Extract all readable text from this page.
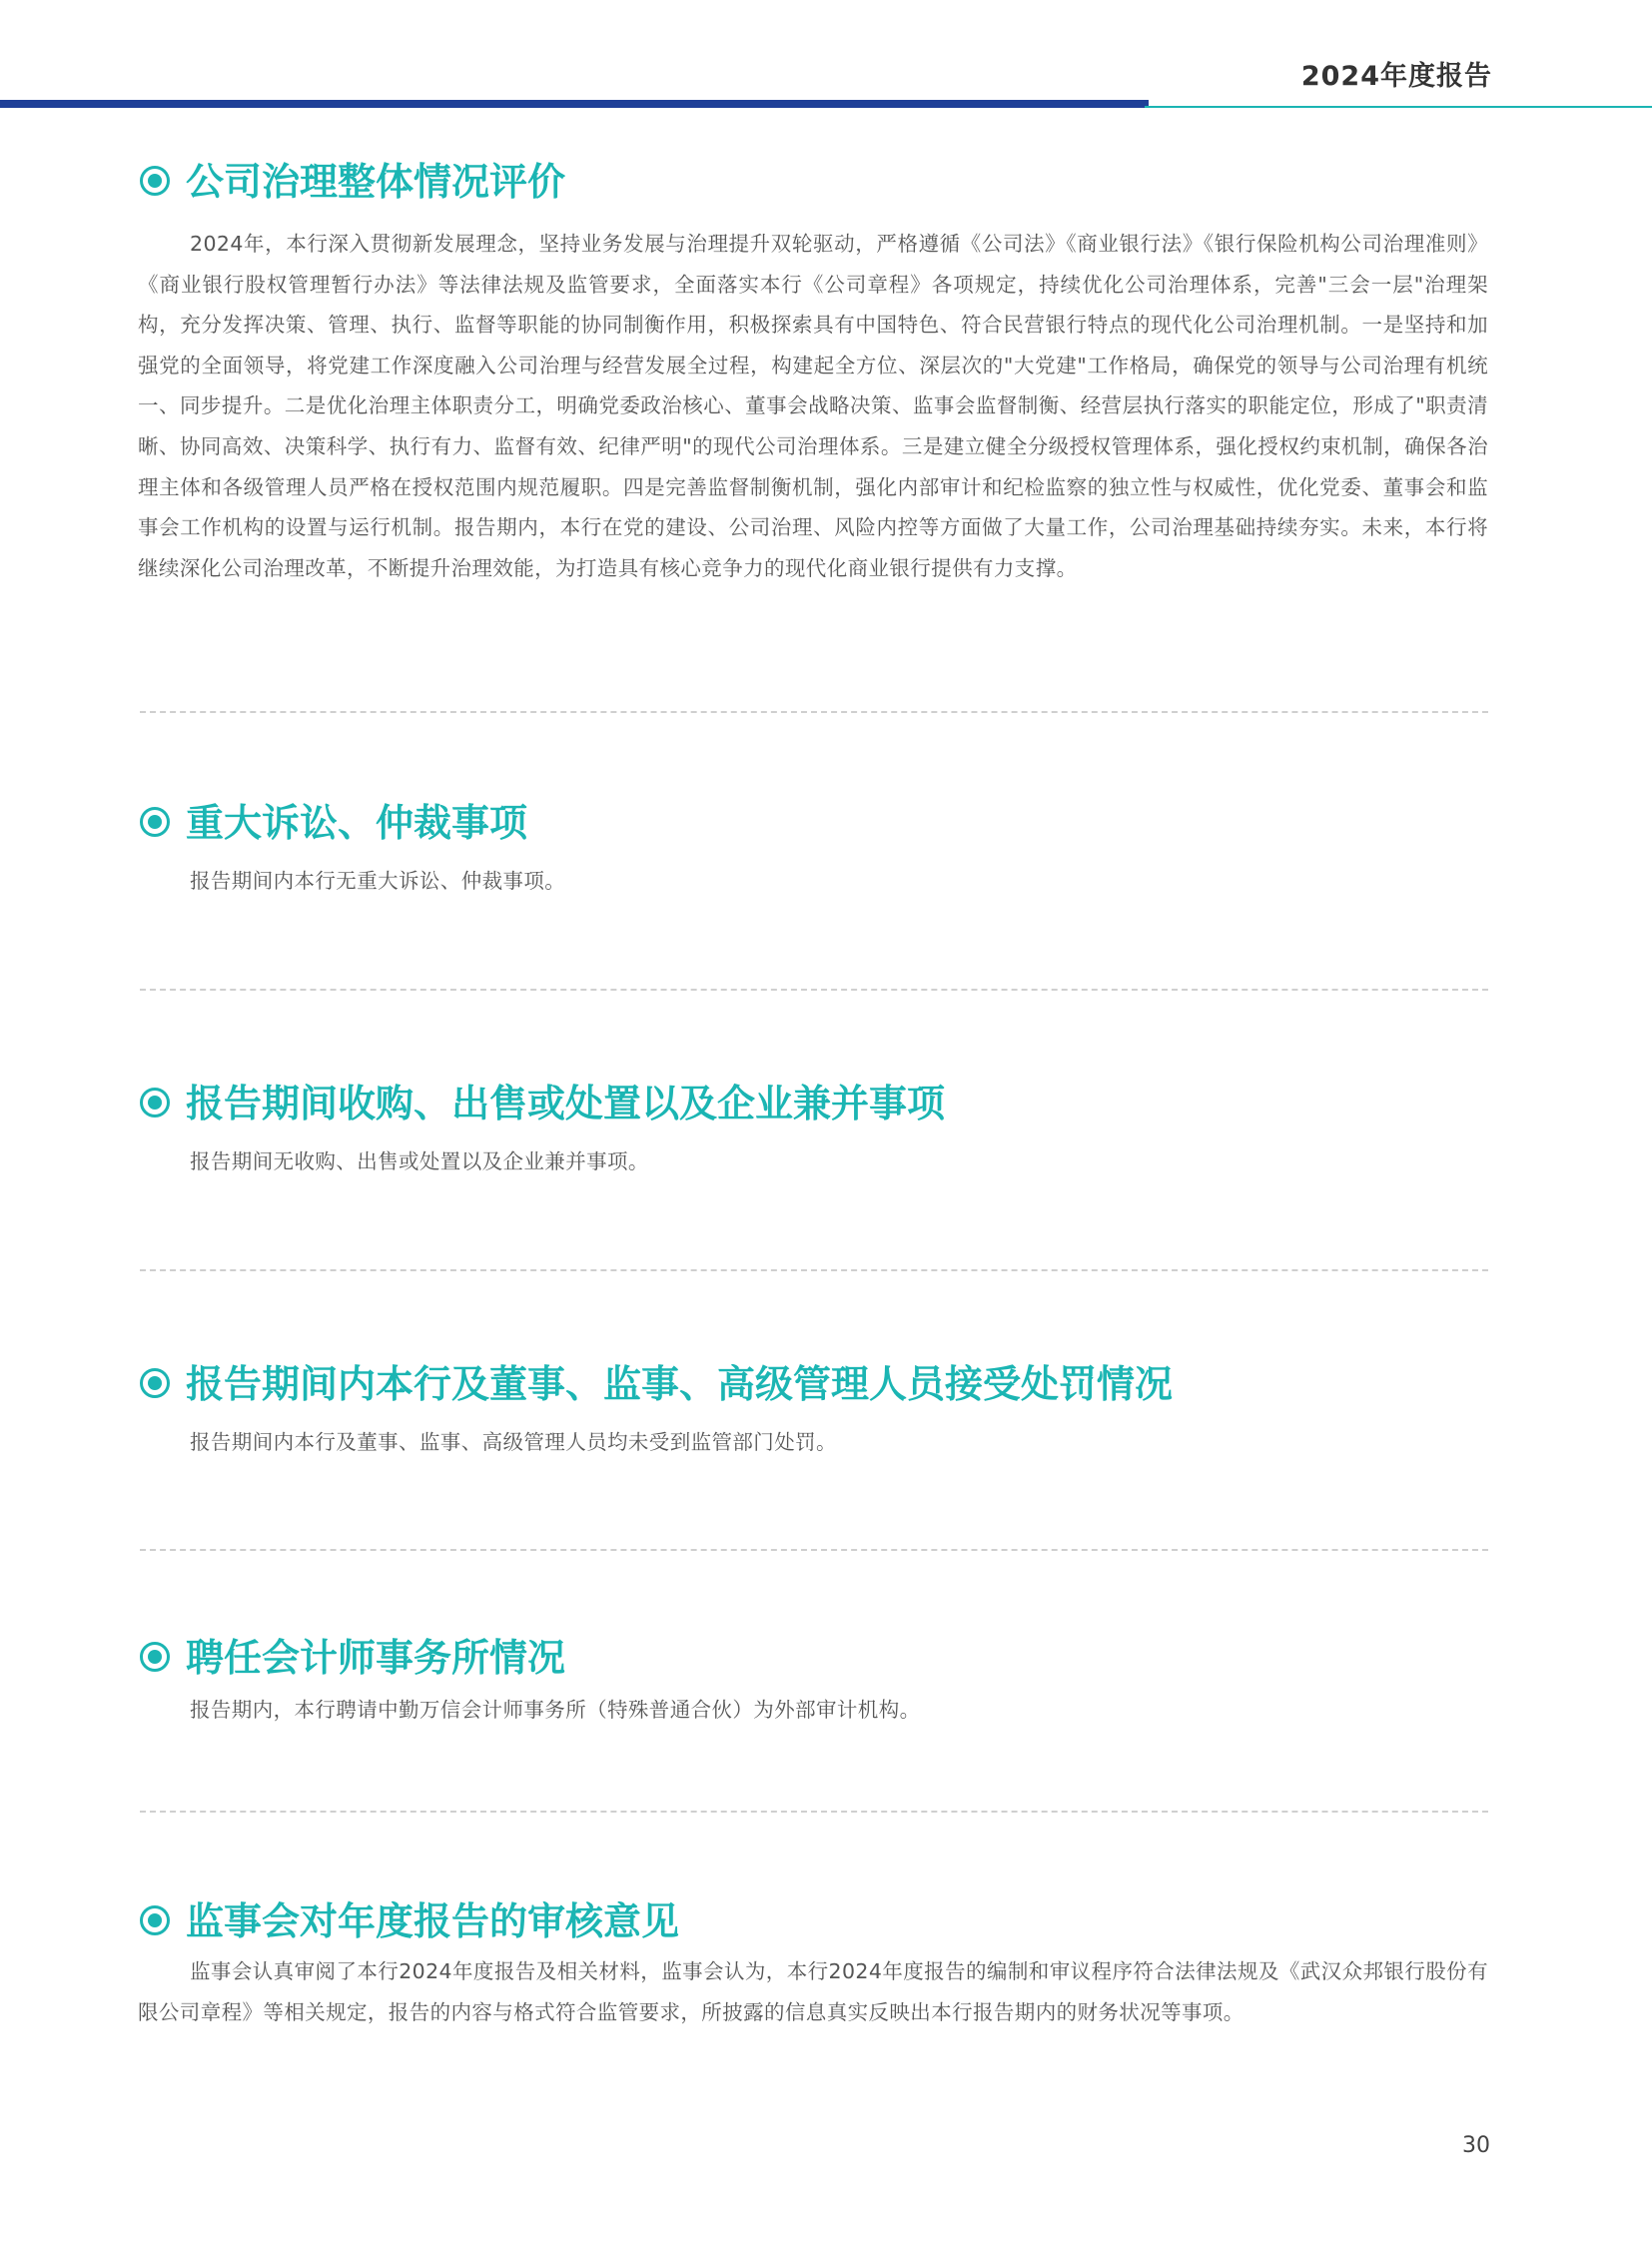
2024年度报告
公司治理整体情况评价

2024年，本行深入贯彻新发展理念，坚持业务发展与治理提升双轮驱动，严格遵循《公司法》《商业银行法》《银行保险机构公司治理准则》《商业银行股权管理暂行办法》等法律法规及监管要求，全面落实本行《公司章程》各项规定，持续优化公司治理体系，完善"三会一层"治理架构，充分发挥决策、管理、执行、监督等职能的协同制衡作用，积极探索具有中国特色、符合民营银行特点的现代化公司治理机制。一是坚持和加强党的全面领导，将党建工作深度融入公司治理与经营发展全过程，构建起全方位、深层次的"大党建"工作格局，确保党的领导与公司治理有机统一、同步提升。二是优化治理主体职责分工，明确党委政治核心、董事会战略决策、监事会监督制衡、经营层执行落实的职能定位，形成了"职责清晰、协同高效、决策科学、执行有力、监督有效、纪律严明"的现代公司治理体系。三是建立健全分级授权管理体系，强化授权约束机制，确保各治理主体和各级管理人员严格在授权范围内规范履职。四是完善监督制衡机制，强化内部审计和纪检监察的独立性与权威性，优化党委、董事会和监事会工作机构的设置与运行机制。报告期内，本行在党的建设、公司治理、风险内控等方面做了大量工作，公司治理基础持续夯实。未来，本行将继续深化公司治理改革，不断提升治理效能，为打造具有核心竞争力的现代化商业银行提供有力支撑。

重大诉讼、仲裁事项

报告期间内本行无重大诉讼、仲裁事项。

报告期间收购、出售或处置以及企业兼并事项

报告期间无收购、出售或处置以及企业兼并事项。

报告期间内本行及董事、监事、高级管理人员接受处罚情况

报告期间内本行及董事、监事、高级管理人员均未受到监管部门处罚。

聘任会计师事务所情况

报告期内，本行聘请中勤万信会计师事务所（特殊普通合伙）为外部审计机构。

监事会对年度报告的审核意见

监事会认真审阅了本行2024年度报告及相关材料，监事会认为，本行2024年度报告的编制和审议程序符合法律法规及《武汉众邦银行股份有限公司章程》等相关规定，报告的内容与格式符合监管要求，所披露的信息真实反映出本行报告期内的财务状况等事项。

30
